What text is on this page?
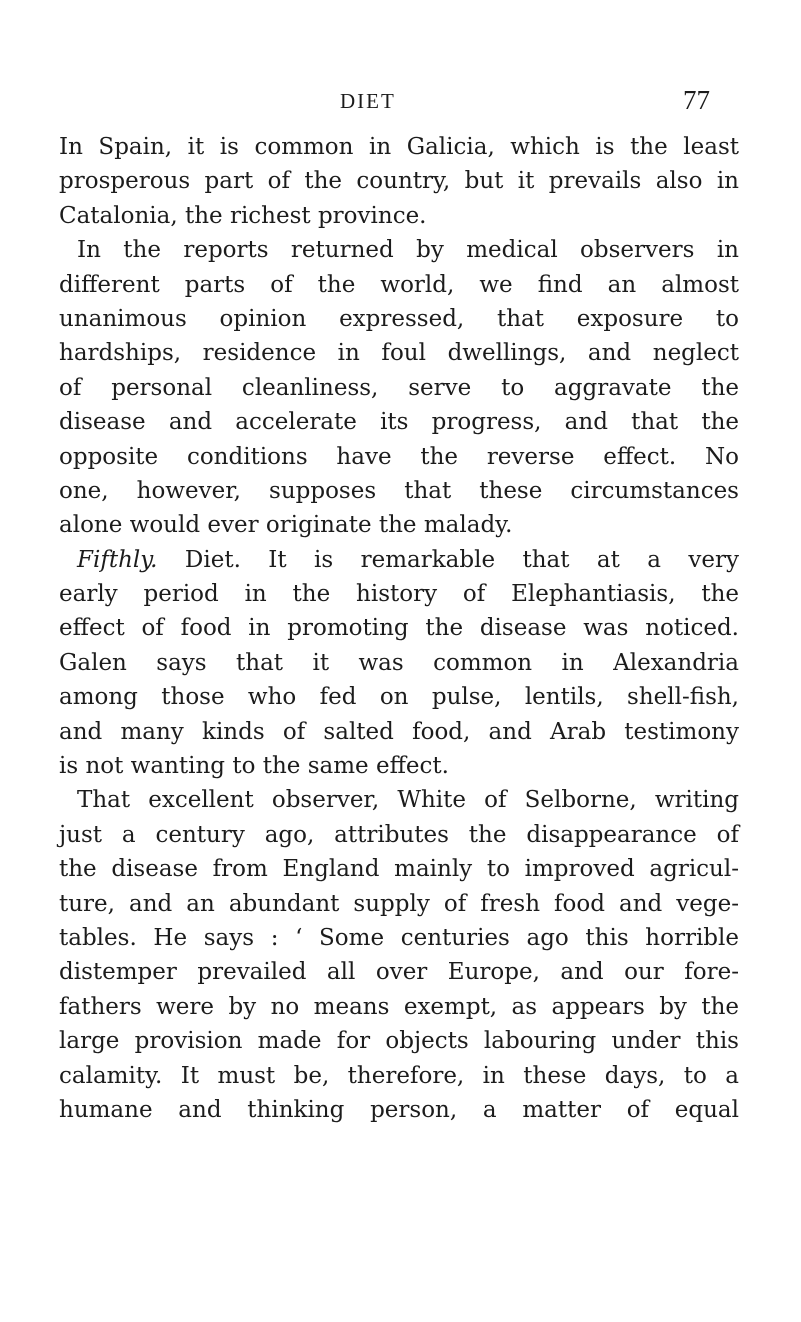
DIET	77
In Spain, it is common in Galicia, which is the least
prosperous part of the country, but it prevails also in
Catalonia, the richest province.
In the reports returned by medical observers in
different parts of the world, we find an almost
unanimous opinion expressed, that exposure to
hardships, residence in foul dwellings, and neglect
of personal cleanliness, serve to aggravate the
disease and accelerate its progress, and that the
opposite conditions have the reverse effect. No
one, however, supposes that these circumstances
alone would ever originate the malady.
Fifthly. Diet. It is remarkable that at a very
early period in the history of Elephantiasis, the
effect of food in promoting the disease was noticed.
Galen says that it was common in Alexandria
among those who fed on pulse, lentils, shell-fish,
and many kinds of salted food, and Arab testimony
is not wanting to the same effect.
That excellent observer, White of Selborne, writing
just a century ago, attributes the disappearance of
the disease from England mainly to improved agricul-
ture, and an abundant supply of fresh food and vege-
tables. He says : ‘ Some centuries ago this horrible
distemper prevailed all over Europe, and our fore-
fathers were by no means exempt, as appears by the
large provision made for objects labouring under this
calamity. It must be, therefore, in these days, to a
humane and thinking person, a matter of equal
